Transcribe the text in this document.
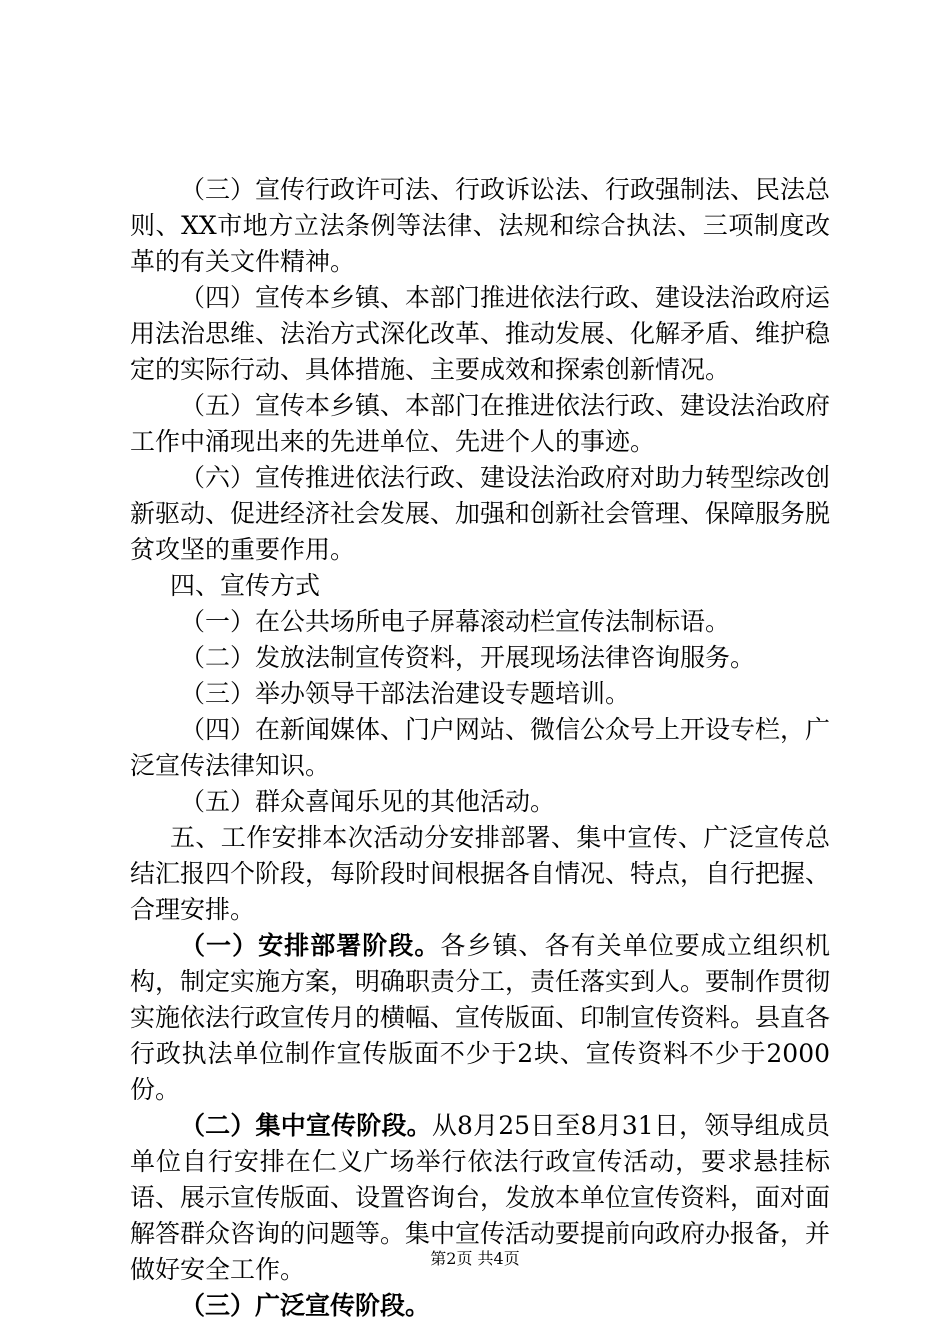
（三）宣传行政许可法、行政诉讼法、行政强制法、民法总则、XX市地方立法条例等法律、法规和综合执法、三项制度改革的有关文件精神。

（四）宣传本乡镇、本部门推进依法行政、建设法治政府运用法治思维、法治方式深化改革、推动发展、化解矛盾、维护稳定的实际行动、具体措施、主要成效和探索创新情况。

（五）宣传本乡镇、本部门在推进依法行政、建设法治政府工作中涌现出来的先进单位、先进个人的事迹。

（六）宣传推进依法行政、建设法治政府对助力转型综改创新驱动、促进经济社会发展、加强和创新社会管理、保障服务脱贫攻坚的重要作用。

四、宣传方式

（一）在公共场所电子屏幕滚动栏宣传法制标语。

（二）发放法制宣传资料，开展现场法律咨询服务。

（三）举办领导干部法治建设专题培训。

（四）在新闻媒体、门户网站、微信公众号上开设专栏，广泛宣传法律知识。

（五）群众喜闻乐见的其他活动。

五、工作安排本次活动分安排部署、集中宣传、广泛宣传总结汇报四个阶段，每阶段时间根据各自情况、特点，自行把握、合理安排。

（一）安排部署阶段。各乡镇、各有关单位要成立组织机构，制定实施方案，明确职责分工，责任落实到人。要制作贯彻实施依法行政宣传月的横幅、宣传版面、印制宣传资料。县直各行政执法单位制作宣传版面不少于2块、宣传资料不少于2000份。

（二）集中宣传阶段。从8月25日至8月31日，领导组成员单位自行安排在仁义广场举行依法行政宣传活动，要求悬挂标语、展示宣传版面、设置咨询台，发放本单位宣传资料，面对面解答群众咨询的问题等。集中宣传活动要提前向政府办报备，并做好安全工作。

（三）广泛宣传阶段。

第2页 共4页
